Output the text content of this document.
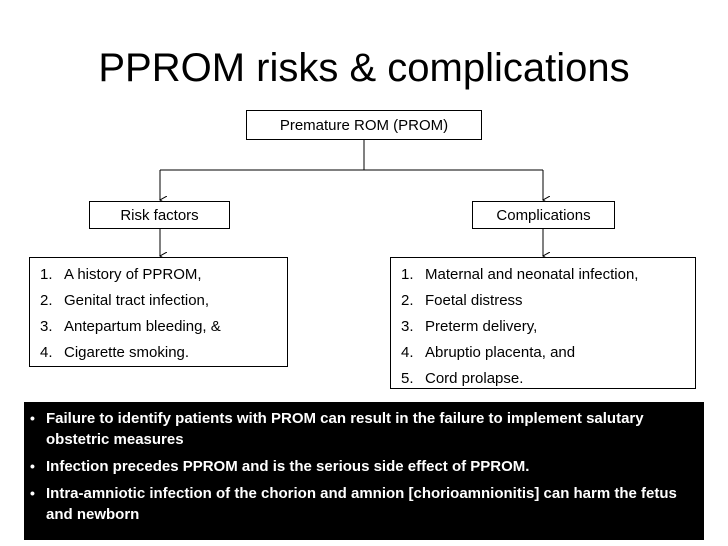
PPROM risks & complications
Premature ROM (PROM)
Risk factors	Complications
1. A history of PPROM,
2. Genital tract infection,
3. Antepartum bleeding, &
4. Cigarette smoking.
1. Maternal and neonatal infection,
2. Foetal distress
3. Preterm delivery,
4. Abruptio placenta, and
5. Cord prolapse.
• Failure to identify patients with PROM can result in the failure to implement salutary obstetric measures
• Infection precedes PPROM and is the serious side effect of PPROM.
• Intra-amniotic infection of the chorion and amnion [chorioamnionitis] can harm the fetus and newborn
